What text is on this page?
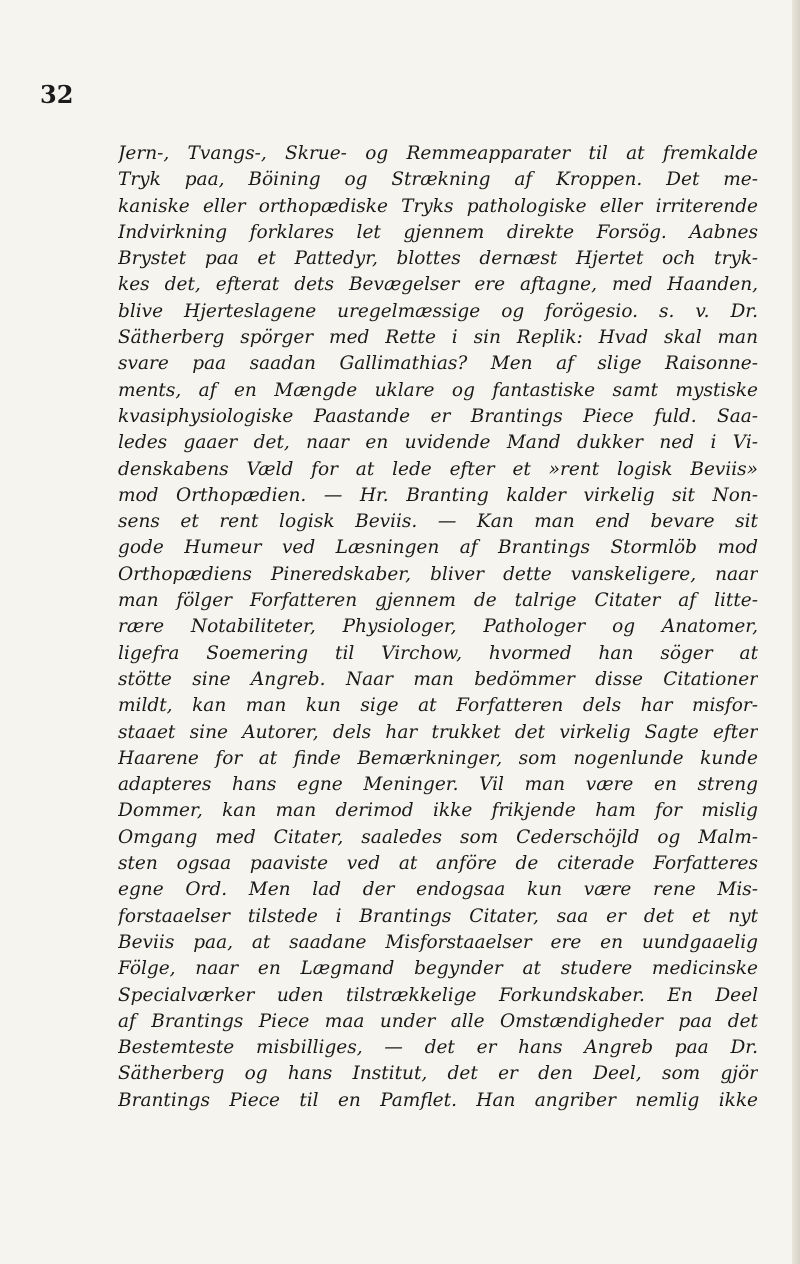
32
Jern-, Tvangs-, Skrue- og Remmeapparater til at fremkalde
Tryk paa, Böining og Strækning af Kroppen. Det me-
kaniske eller orthopædiske Tryks pathologiske eller irriterende
Indvirkning forklares let gjennem direkte Forsög. Aabnes
Brystet paa et Pattedyr, blottes dernæst Hjertet och tryk-
kes det, efterat dets Bevægelser ere aftagne, med Haanden,
blive Hjerteslagene uregelmæssige og forögesio. s. v. Dr.
Sätherberg spörger med Rette i sin Replik: Hvad skal man
svare paa saadan Gallimathias? Men af slige Raisonne-
ments, af en Mængde uklare og fantastiske samt mystiske
kvasiphysiologiske Paastande er Brantings Piece fuld. Saa-
ledes gaaer det, naar en uvidende Mand dukker ned i Vi-
denskabens Væld for at lede efter et »rent logisk Beviis»
mod Orthopædien. — Hr. Branting kalder virkelig sit Non-
sens et rent logisk Beviis. — Kan man end bevare sit
gode Humeur ved Læsningen af Brantings Stormlöb mod
Orthopædiens Pineredskaber, bliver dette vanskeligere, naar
man fölger Forfatteren gjennem de talrige Citater af litte-
rære Notabiliteter, Physiologer, Pathologer og Anatomer,
ligefra Soemering til Virchow, hvormed han söger at
stötte sine Angreb. Naar man bedömmer disse Citationer
mildt, kan man kun sige at Forfatteren dels har misfor-
staaet sine Autorer, dels har trukket det virkelig Sagte efter
Haarene for at finde Bemærkninger, som nogenlunde kunde
adapteres hans egne Meninger. Vil man være en streng
Dommer, kan man derimod ikke frikjende ham for mislig
Omgang med Citater, saaledes som Cederschöjld og Malm-
sten ogsaa paaviste ved at anföre de citerade Forfatteres
egne Ord. Men lad der endogsaa kun være rene Mis-
forstaaelser tilstede i Brantings Citater, saa er det et nyt
Beviis paa, at saadane Misforstaaelser ere en uundgaaelig
Fölge, naar en Lægmand begynder at studere medicinske
Specialværker uden tilstrækkelige Forkundskaber. En Deel
af Brantings Piece maa under alle Omstændigheder paa det
Bestemteste misbilliges, — det er hans Angreb paa Dr.
Sätherberg og hans Institut, det er den Deel, som gjör
Brantings Piece til en Pamflet. Han angriber nemlig ikke
